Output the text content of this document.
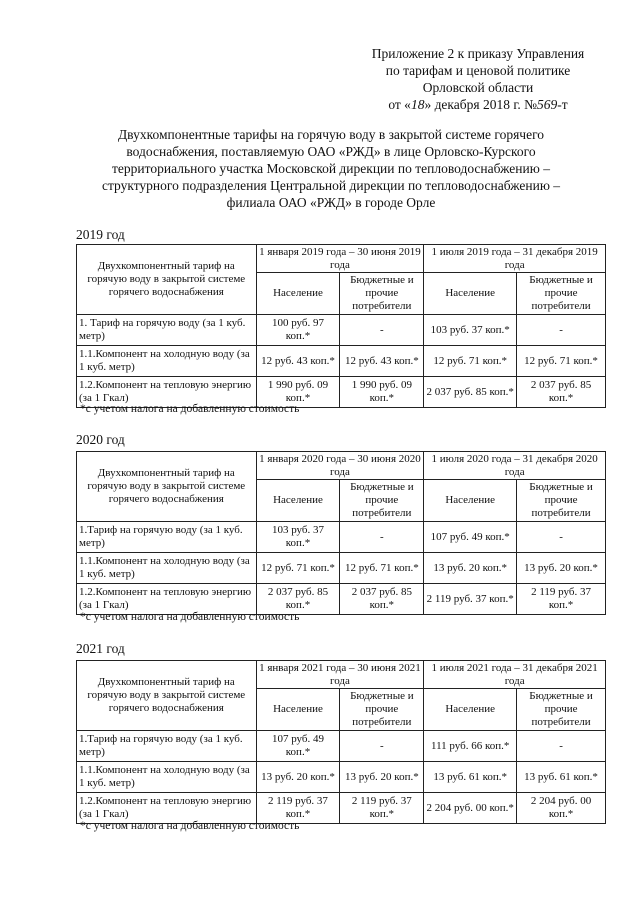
Приложение 2 к приказу Управления
по тарифам и ценовой политике
Орловской области
от «18» декабря 2018 г. №569-т
Двухкомпонентные тарифы на горячую воду в закрытой системе горячего
водоснабжения, поставляемую ОАО «РЖД» в лице Орловско-Курского
территориального участка Московской дирекции по тепловодоснабжению –
структурного подразделения Центральной дирекции по тепловодоснабжению –
филиала ОАО «РЖД» в городе Орле
2019 год
Двухкомпонентный тариф на горячую воду в закрытой системе горячего водоснабжения	1 января 2019 года – 30 июня 2019 года		1 июля 2019 года – 31 декабря 2019 года	
	Население	Бюджетные и прочие потребители	Население	Бюджетные и прочие потребители
1. Тариф на горячую воду (за 1 куб. метр)	100 руб. 97 коп.*	-	103 руб. 37 коп.*	-
1.1.Компонент на холодную воду (за 1 куб. метр)	12 руб. 43 коп.*	12 руб. 43 коп.*	12 руб. 71 коп.*	12 руб. 71 коп.*
1.2.Компонент на тепловую энергию (за 1 Гкал)	1 990 руб. 09 коп.*	1 990 руб. 09 коп.*	2 037 руб. 85 коп.*	2 037 руб. 85 коп.*
*с учетом налога на добавленную стоимость
2020 год
Двухкомпонентный тариф на горячую воду в закрытой системе горячего водоснабжения	1 января 2020 года – 30 июня 2020 года		1 июля 2020 года – 31 декабря 2020 года	
	Население	Бюджетные и прочие потребители	Население	Бюджетные и прочие потребители
1.Тариф на горячую воду (за 1 куб. метр)	103 руб. 37 коп.*	-	107 руб. 49 коп.*	-
1.1.Компонент на холодную воду (за 1 куб. метр)	12 руб. 71 коп.*	12 руб. 71 коп.*	13 руб. 20 коп.*	13 руб. 20 коп.*
1.2.Компонент на тепловую энергию (за 1 Гкал)	2 037 руб. 85 коп.*	2 037 руб. 85 коп.*	2 119 руб. 37 коп.*	2 119 руб. 37 коп.*
*с учетом налога на добавленную стоимость
2021 год
Двухкомпонентный тариф на горячую воду в закрытой системе горячего водоснабжения	1 января 2021 года – 30 июня 2021 года		1 июля 2021 года – 31 декабря 2021 года	
	Население	Бюджетные и прочие потребители	Население	Бюджетные и прочие потребители
1.Тариф на горячую воду (за 1 куб. метр)	107 руб. 49 коп.*	-	111 руб. 66 коп.*	-
1.1.Компонент на холодную воду (за 1 куб. метр)	13 руб. 20 коп.*	13 руб. 20 коп.*	13 руб. 61 коп.*	13 руб. 61 коп.*
1.2.Компонент на тепловую энергию (за 1 Гкал)	2 119 руб. 37 коп.*	2 119 руб. 37 коп.*	2 204 руб. 00 коп.*	2 204 руб. 00 коп.*
*с учетом налога на добавленную стоимость
